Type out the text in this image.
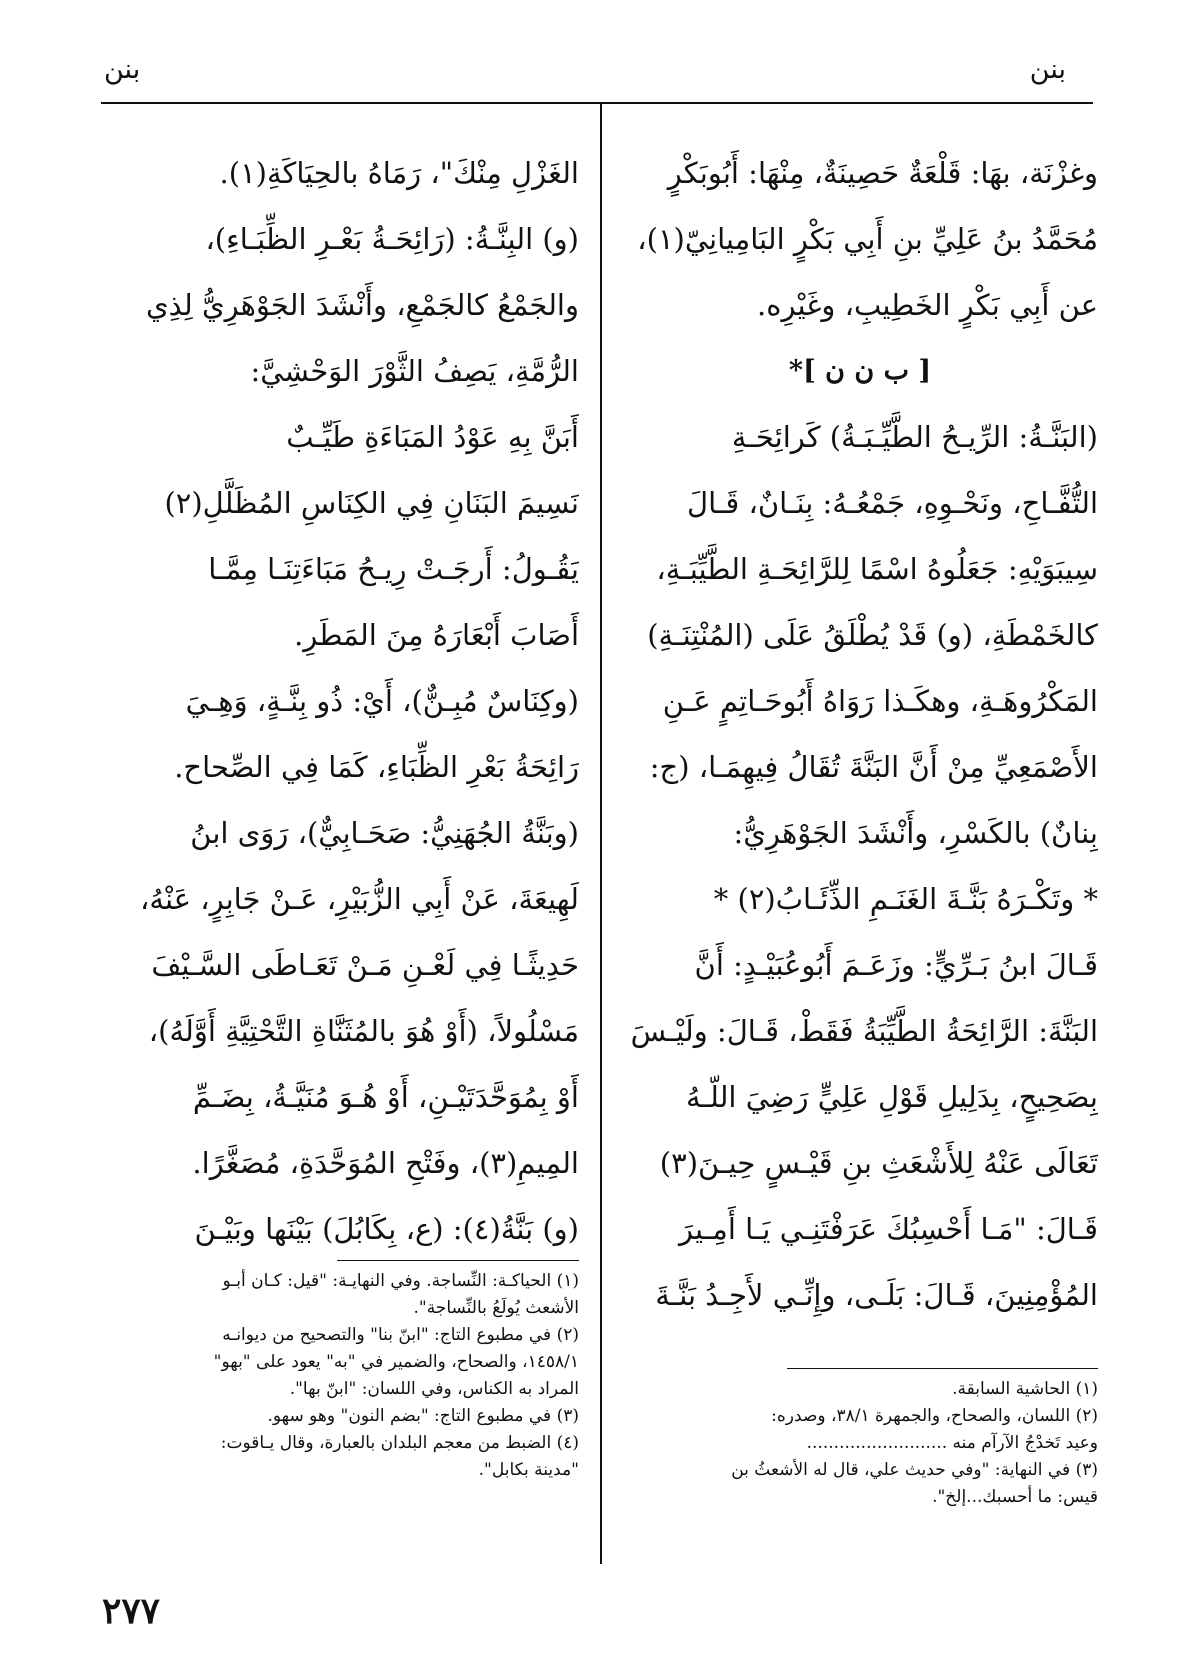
بنن
بنن
وغزْنَة، بهَا: قَلْعَةٌ حَصِينَةٌ، مِنْهَا: أَبُوبَكْرٍ
مُحَمَّدُ بنُ عَلِيِّ بنِ أَبِي بَكْرٍ البَامِيانِيّ(١)،
عن أَبِي بَكْرٍ الخَطِيبِ، وغَيْرِه.
[ ب ن ن ]*
(البَنَّـةُ: الرِّيـحُ الطَّيِّـبَـةُ) كَرائِحَـةِ
التُّفَّـاحِ، ونَحْـوِهِ، جَمْعُـهُ: بِنَـانٌ، قَـالَ
سِيبَوَيْهِ: جَعَلُوهُ اسْمًا لِلرَّائِحَـةِ الطَّيِّبَـةِ،
كالخَمْطَةِ، (و) قَدْ يُطْلَقُ عَلَى (المُنْتِنَـةِ)
المَكْرُوهَـةِ، وهكَـذا رَوَاهُ أَبُوحَـاتِمٍ عَـنِ
الأَصْمَعِيِّ مِنْ أَنَّ البَنَّةَ تُقَالُ فِيهِمَـا، (ج:
بِنانٌ) بالكَسْرِ، وأَنْشَدَ الجَوْهَرِيُّ:
* وتَكْـرَهُ بَنَّـةَ الغَنَـمِ الذِّئَـابُ(٢) *
قَـالَ ابنُ بَـرِّيٍّ: وزَعَـمَ أَبُوعُبَيْـدٍ: أَنَّ
البَنَّةَ: الرَّائِحَةُ الطَّيِّبَةُ فَقَطْ، قَـالَ: ولَيْـسَ
بِصَحِيحٍ، بِدَلِيلِ قَوْلِ عَلِيٍّ رَضِيَ اللّـهُ
تَعَالَى عَنْهُ لِلأَشْعَثِ بنِ قَيْـسٍ حِيـنَ(٣)
قَـالَ: "مَـا أَحْسِبُكَ عَرَفْتَنِـي يَـا أَمِـيرَ
المُؤْمِنِينَ، قَـالَ: بَلَـى، وإِنِّـي لأَجِـدُ بَنَّـةَ
الغَزْلِ مِنْكَ"، رَمَاهُ بالحِيَاكَةِ(١).
(و) البِنَّـةُ: (رَائِحَـةُ بَعْـرِ الظِّبَـاءِ)،
والجَمْعُ كالجَمْعِ، وأَنْشَدَ الجَوْهَرِيُّ لِذِي
الرُّمَّةِ، يَصِفُ الثَّوْرَ الوَحْشِيَّ:
أَبَنَّ بِهِ عَوْدُ المَبَاءَةِ طَيِّـبٌ
نَسِيمَ البَنَانِ فِي الكِنَاسِ المُظَلَّلِ(٢)
يَقُـولُ: أَرجَـتْ رِيـحُ مَبَاءَتِنَـا مِمَّـا
أَصَابَ أَبْعَارَهُ مِنَ المَطَرِ.
(وكِنَاسٌ مُبِـنٌّ)، أَيْ: ذُو بِنَّـةٍ، وَهِـيَ
رَائِحَةُ بَعْرِ الظِّبَاءِ، كَمَا فِي الصِّحاح.
(وبَنَّةُ الجُهَنِيُّ: صَحَـابِيٌّ)، رَوَى ابنُ
لَهِيعَةَ، عَنْ أَبِي الزُّبَيْرِ، عَـنْ جَابِرٍ، عَنْهُ،
حَدِيثًـا فِي لَعْـنِ مَـنْ تَعَـاطَى السَّـيْفَ
مَسْلُولاً، (أَوْ هُوَ بالمُثَنَّاةِ التَّحْتِيَّةِ أَوَّلَهُ)،
أَوْ بِمُوَحَّدَتَيْـنِ، أَوْ هُـوَ مُنَيَّـةُ، بِضَـمِّ
المِيمِ(٣)، وفَتْحِ المُوَحَّدَةِ، مُصَغَّرًا.
(و) بَنَّةُ(٤): (ع، بِكَابُلَ) بَيْنَها وبَيْـنَ
(١) الحياكـة: النِّساجة. وفي النهايـة: "قيل: كـان أبـو
الأشعث يُولَعُ بالنِّساجة".
(٢) في مطبوع التاج: "ابنّ بنا" والتصحيح من ديوانـه
١٤٥٨/١، والصحاح، والضمير في "به" يعود على "بهو"
المراد به الكناس، وفي اللسان: "ابنّ بها".
(٣) في مطبوع التاج: "بضم النون" وهو سهو.
(٤) الضبط من معجم البلدان بالعبارة، وقال يـاقوت:
"مدينة بكابل".
(١) الحاشية السابقة.
(٢) اللسان، والصحاح، والجمهرة ٣٨/١، وصدره:
وعيد تَخدْجُ الآرآم منه ..........................
(٣) في النهاية: "وفي حديث علي، قال له الأشعثُ بن
قيس: ما أحسبك...إلخ".
٢٧٧
